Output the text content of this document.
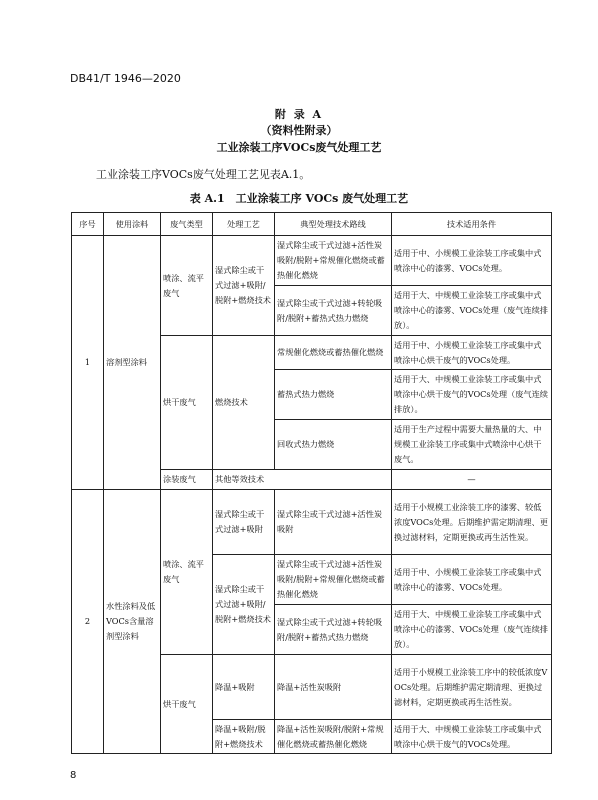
DB41/T 1946—2020
附 录 A
（资料性附录）
工业涂装工序VOCs废气处理工艺
工业涂装工序VOCs废气处理工艺见表A.1。
表 A.1　工业涂装工序 VOCs 废气处理工艺
序号	使用涂料	废气类型	处理工艺	典型处理技术路线	技术适用条件
1	溶剂型涂料	喷涂、流平废气	湿式除尘或干式过滤+吸附/脱附+燃烧技术	湿式除尘或干式过滤+活性炭吸附/脱附+常规催化燃烧或蓄热催化燃烧	适用于中、小规模工业涂装工序或集中式喷涂中心的漆雾、VOCs处理。
				湿式除尘或干式过滤+转轮吸附/脱附+蓄热式热力燃烧	适用于大、中规模工业涂装工序或集中式喷涂中心的漆雾、VOCs处理（废气连续排放）。
		烘干废气	燃烧技术	常规催化燃烧或蓄热催化燃烧	适用于中、小规模工业涂装工序或集中式喷涂中心烘干废气的VOCs处理。
				蓄热式热力燃烧	适用于大、中规模工业涂装工序或集中式喷涂中心烘干废气的VOCs处理（废气连续排放）。
				回收式热力燃烧	适用于生产过程中需要大量热量的大、中规模工业涂装工序或集中式喷涂中心烘干废气。
		涂装废气	其他等效技术		—
2	水性涂料及低VOCs含量溶剂型涂料	喷涂、流平废气	湿式除尘或干式过滤+吸附	湿式除尘或干式过滤+活性炭吸附	适用于小规模工业涂装工序的漆雾、较低浓度VOCs处理。后期维护需定期清理、更换过滤材料，定期更换或再生活性炭。
			湿式除尘或干式过滤+吸附/脱附+燃烧技术	湿式除尘或干式过滤+活性炭吸附/脱附+常规催化燃烧或蓄热催化燃烧	适用于中、小规模工业涂装工序或集中式喷涂中心的漆雾、VOCs处理。
				湿式除尘或干式过滤+转轮吸附/脱附+蓄热式热力燃烧	适用于大、中规模工业涂装工序或集中式喷涂中心的漆雾、VOCs处理（废气连续排放）。
		烘干废气	降温+吸附	降温+活性炭吸附	适用于小规模工业涂装工序中的较低浓度VOCs处理。后期维护需定期清理、更换过滤材料，定期更换或再生活性炭。

			降温+吸附/脱附+燃烧技术	降温+活性炭吸附/脱附+常规催化燃烧或蓄热催化燃烧	适用于大、中规模工业涂装工序或集中式喷涂中心烘干废气的VOCs处理。
8
